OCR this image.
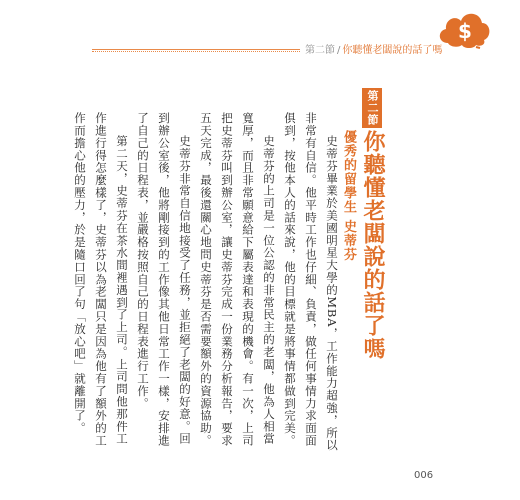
第二節 / 你聽懂老闆說的話了嗎
$
第二節
你聽懂老闆說的話了嗎
優秀的留學生 史蒂芬

史蒂芬畢業於美國明星大學的MBA，工作能力超強，所以非常有自信。他平時工作也仔細、負責，做任何事情力求面面俱到，按他本人的話來說，他的目標就是將事情都做到完美。

史蒂芬的上司是一位公認的非常民主的老闆，他為人相當寬厚，而且非常願意給下屬表達和表現的機會。有一次，上司把史蒂芬叫到辦公室，讓史蒂芬完成一份業務分析報告，要求五天完成，最後還關心地問史蒂芬是否需要額外的資源協助。

史蒂芬非常自信地接受了任務，並拒絕了老闆的好意。回到辦公室後，他將剛接到的工作像其他日常工作一樣，安排進了自己的日程表，並嚴格按照自己的日程表進行工作。

第二天，史蒂芬在茶水間裡遇到了上司。上司問他那件工作進行得怎麼樣了，史蒂芬以為老闆只是因為他有了額外的工作而擔心他的壓力，於是隨口回了句「放心吧」就離開了。

006
